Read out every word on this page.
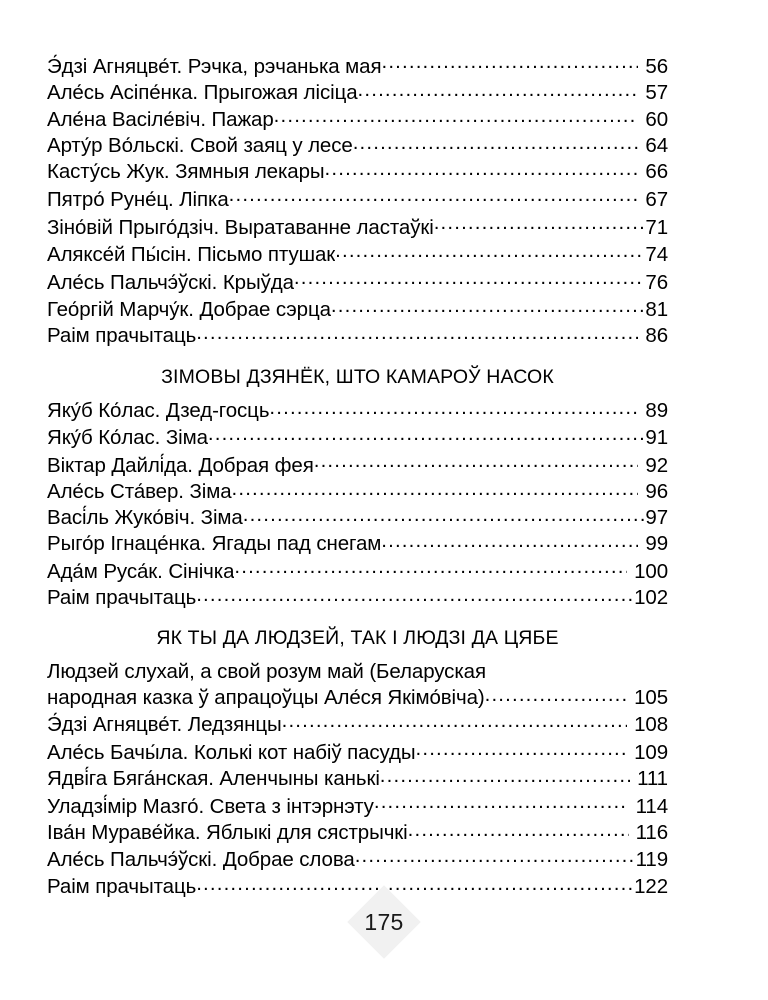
Э́дзі Агняцве́т. Рэчка, рэчанька мая .....	56
Але́сь Асіпе́нка. Прыгожая лісіца .....	57
Але́на Васіле́віч. Пажар .....	60
Арту́р Во́льскі. Свой заяц у лесе .....	64
Касту́сь Жук. Зямныя лекары .....	66
Пятро́ Руне́ц. Ліпка .....	67
Зіно́вій Прыго́дзіч. Выратаванне ластаўкі .....	71
Аляксе́й Пы́сін. Пісьмо птушак .....	74
Але́сь Пальчэ́ўскі. Крыўда .....	76
Гео́ргій Марчу́к. Добрае сэрца .....	81
Раім прачытаць .....	86
ЗІМОВЫ ДЗЯНЁК, ШТО КАМАРОЎ НАСОК
Яку́б Ко́лас. Дзед-госць .....	89
Яку́б Ко́лас. Зіма .....	91
Віктар Дайлі́да. Добрая фея .....	92
Але́сь Ста́вер. Зіма .....	96
Васі́ль Жуко́віч. Зіма .....	97
Рыго́р Ігнаце́нка. Ягады пад снегам .....	99
Ада́м Руса́к. Сінічка .....	100
Раім прачытаць .....	102
ЯК ТЫ ДА ЛЮДЗЕЙ, ТАК І ЛЮДЗІ ДА ЦЯБЕ
Людзей слухай, а свой розум май (Беларуская
народная казка ў апрацоўцы Але́ся Якімо́віча) .....	105
Э́дзі Агняцве́т. Ледзянцы .....	108
Але́сь Бачы́ла. Колькі кот набіў пасуды .....	109
Ядві́га Бяга́нская. Аленчыны канькі .....	111
Уладзі́мір Мазго́. Света з інтэрнэту .....	114
Іва́н Мураве́йка. Яблыкі для сястрычкі .....	116
Але́сь Пальчэ́ўскі. Добрае слова .....	119
Раім прачытаць .....	122
175
